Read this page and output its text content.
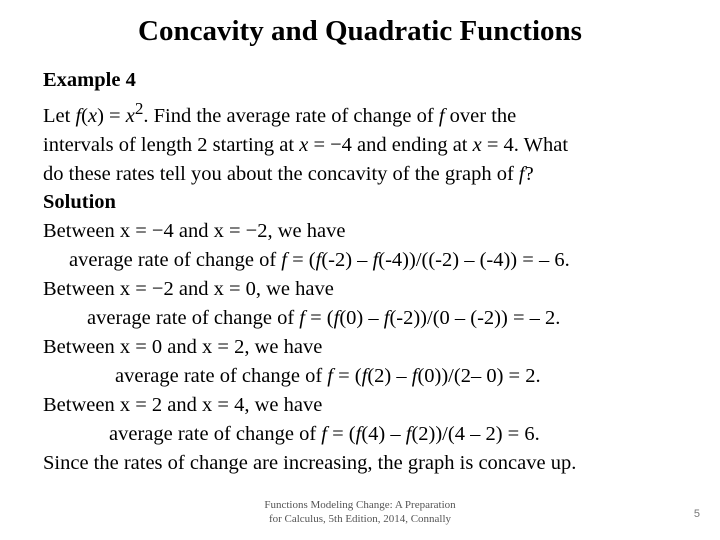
Concavity and Quadratic Functions
Example 4
Let $f(x) = x^2$. Find the average rate of change of f over the
intervals of length 2 starting at x = −4 and ending at x = 4. What
do these rates tell you about the concavity of the graph of f?
Solution
Between x = −4 and x = −2, we have
average rate of change of f = (f(-2) – f(-4))/((-2) – (-4)) = – 6.
Between x = −2 and x = 0, we have
average rate of change of f = (f(0) – f(-2))/(0 – (-2)) = – 2.
Between x = 0 and x = 2, we have
average rate of change of f = (f(2) – f(0))/(2– 0) = 2.
Between x = 2 and x = 4, we have
average rate of change of f = (f(4) – f(2))/(4 – 2) = 6.
Since the rates of change are increasing, the graph is concave up.
Functions Modeling Change: A Preparation
for Calculus, 5th Edition, 2014, Connally	5
